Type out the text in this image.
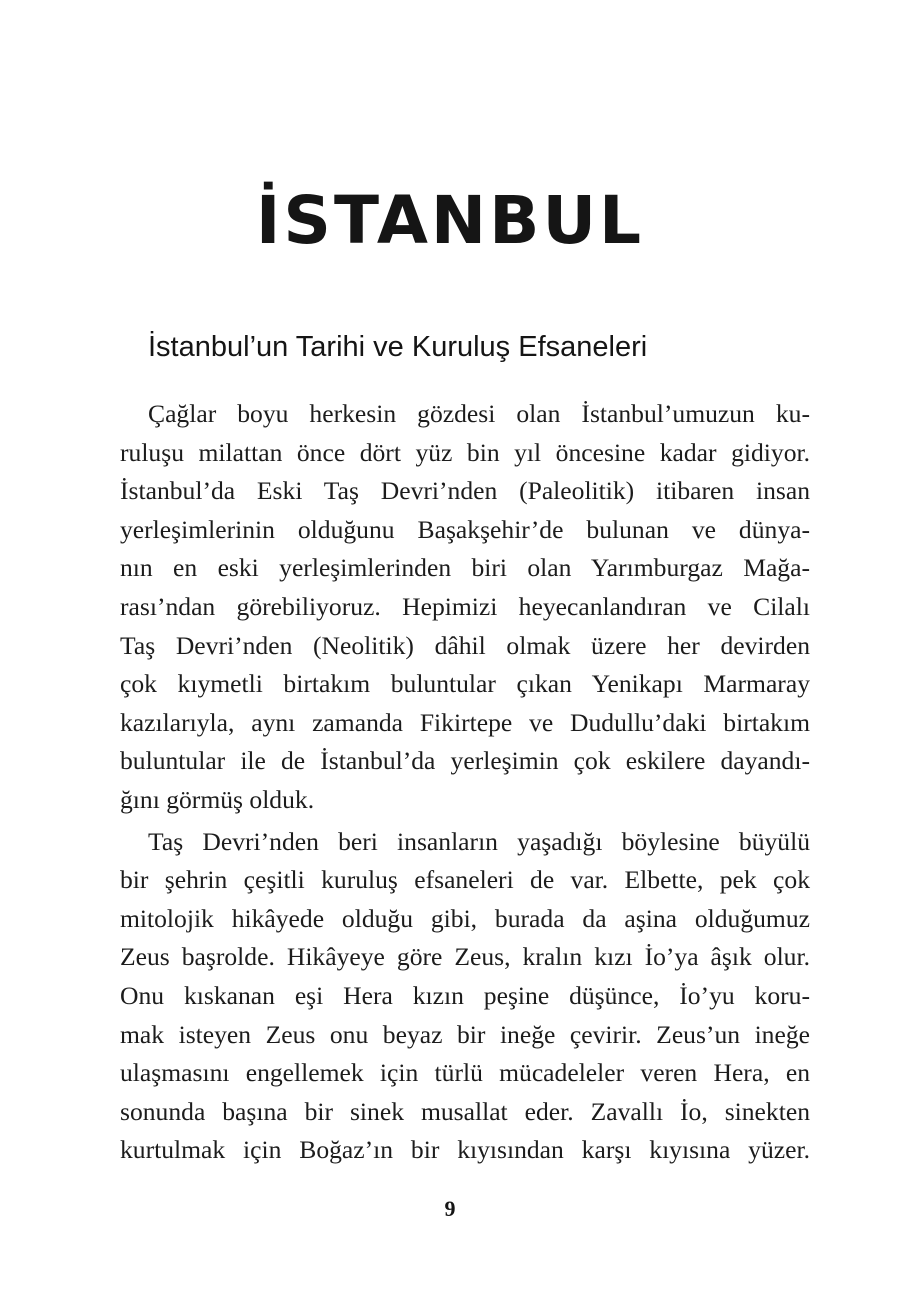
İSTANBUL
İstanbul’un Tarihi ve Kuruluş Efsaneleri
Çağlar boyu herkesin gözdesi olan İstanbul’umuzun ku-
ruluşu milattan önce dört yüz bin yıl öncesine kadar gidiyor.
İstanbul’da Eski Taş Devri’nden (Paleolitik) itibaren insan
yerleşimlerinin olduğunu Başakşehir’de bulunan ve dünya-
nın en eski yerleşimlerinden biri olan Yarımburgaz Mağa-
rası’ndan görebiliyoruz. Hepimizi heyecanlandıran ve Cilalı
Taş Devri’nden (Neolitik) dâhil olmak üzere her devirden
çok kıymetli birtakım buluntular çıkan Yenikapı Marmaray
kazılarıyla, aynı zamanda Fikirtepe ve Dudullu’daki birtakım
buluntular ile de İstanbul’da yerleşimin çok eskilere dayandı-
ğını görmüş olduk.
Taş Devri’nden beri insanların yaşadığı böylesine büyülü
bir şehrin çeşitli kuruluş efsaneleri de var. Elbette, pek çok
mitolojik hikâyede olduğu gibi, burada da aşina olduğumuz
Zeus başrolde. Hikâyeye göre Zeus, kralın kızı İo’ya âşık olur.
Onu kıskanan eşi Hera kızın peşine düşünce, İo’yu koru-
mak isteyen Zeus onu beyaz bir ineğe çevirir. Zeus’un ineğe
ulaşmasını engellemek için türlü mücadeleler veren Hera, en
sonunda başına bir sinek musallat eder. Zavallı İo, sinekten
kurtulmak için Boğaz’ın bir kıyısından karşı kıyısına yüzer.
9
